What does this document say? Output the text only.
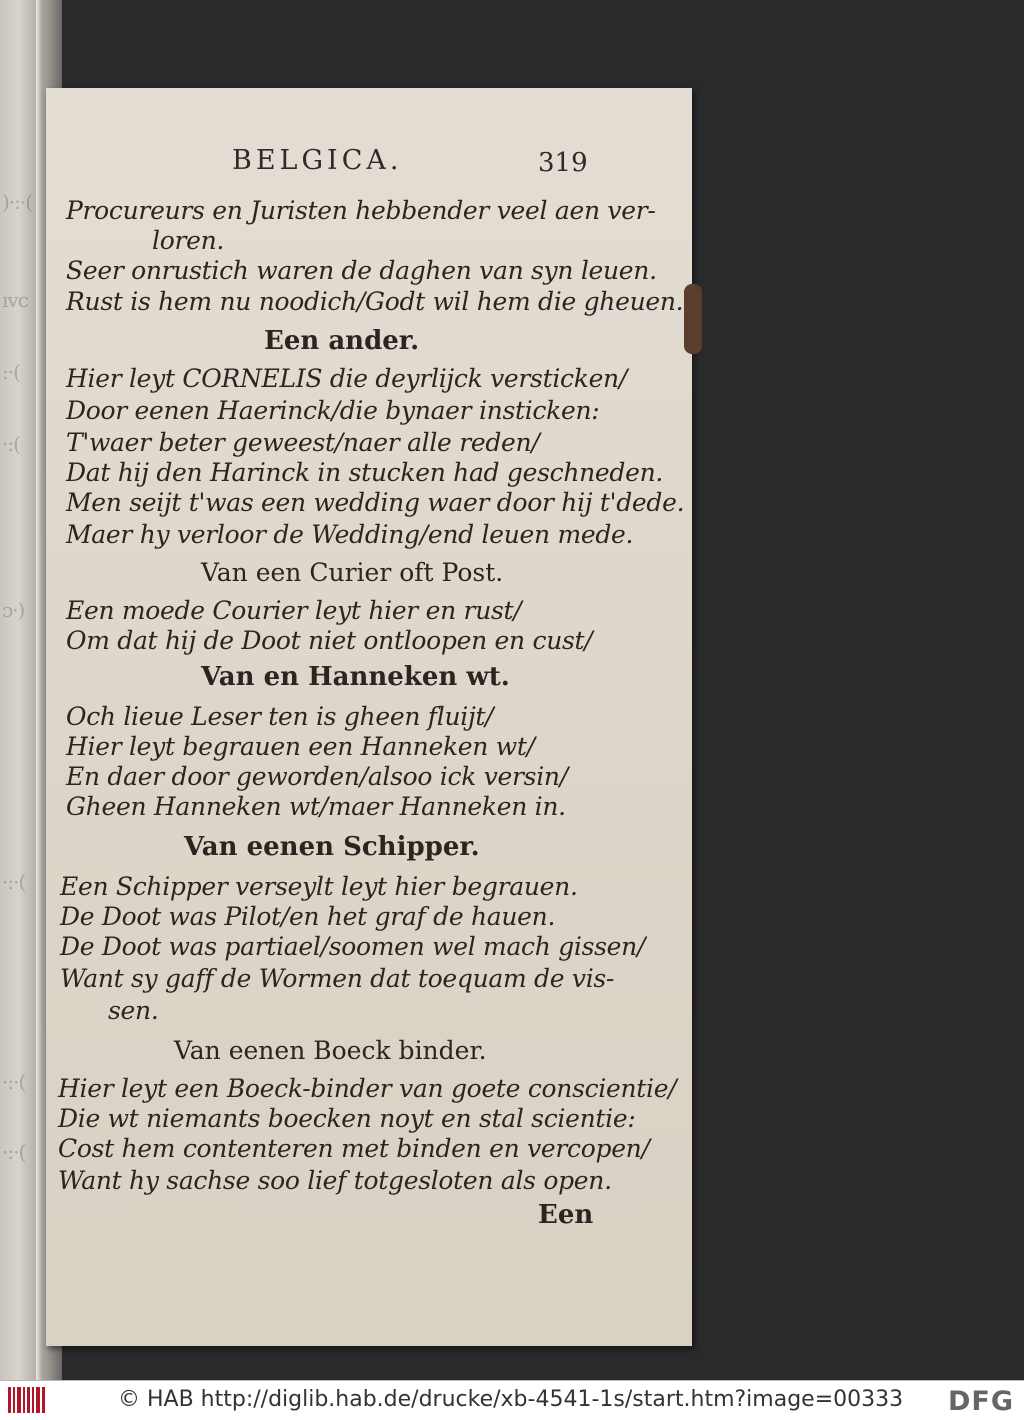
)·:·(
ıvc
:·(
·:(
ɔ·)
·:·(
·:·(
·:·(
BELGICA.	319
Procureurs en Juristen hebbender veel aen ver-
loren.
Seer onrustich waren de daghen van syn leuen.
Rust is hem nu noodich/Godt wil hem die gheuen.
Een ander.
Hier leyt CORNELIS die deyrlijck versticken/
Door eenen Haerinck/die bynaer insticken:
T'waer beter geweest/naer alle reden/
Dat hij den Harinck in stucken had geschneden.
Men seijt t'was een wedding waer door hij t'dede.
Maer hy verloor de Wedding/end leuen mede.
Van een Curier oft Post.
Een moede Courier leyt hier en rust/
Om dat hij de Doot niet ontloopen en cust/
Van en Hanneken wt.
Och lieue Leser ten is gheen fluijt/
Hier leyt begrauen een Hanneken wt/
En daer door geworden/alsoo ick versin/
Gheen Hanneken wt/maer Hanneken in.
Van eenen Schipper.
Een Schipper verseylt leyt hier begrauen.
De Doot was Pilot/en het graf de hauen.
De Doot was partiael/soomen wel mach gissen/
Want sy gaff de Wormen dat toequam de vis-
sen.
Van eenen Boeck binder.
Hier leyt een Boeck-binder van goete conscientie/
Die wt niemants boecken noyt en stal scientie:
Cost hem contenteren met binden en vercopen/
Want hy sachse soo lief totgesloten als open.
Een
© HAB http://diglib.hab.de/drucke/xb-4541-1s/start.htm?image=00333 DFG
